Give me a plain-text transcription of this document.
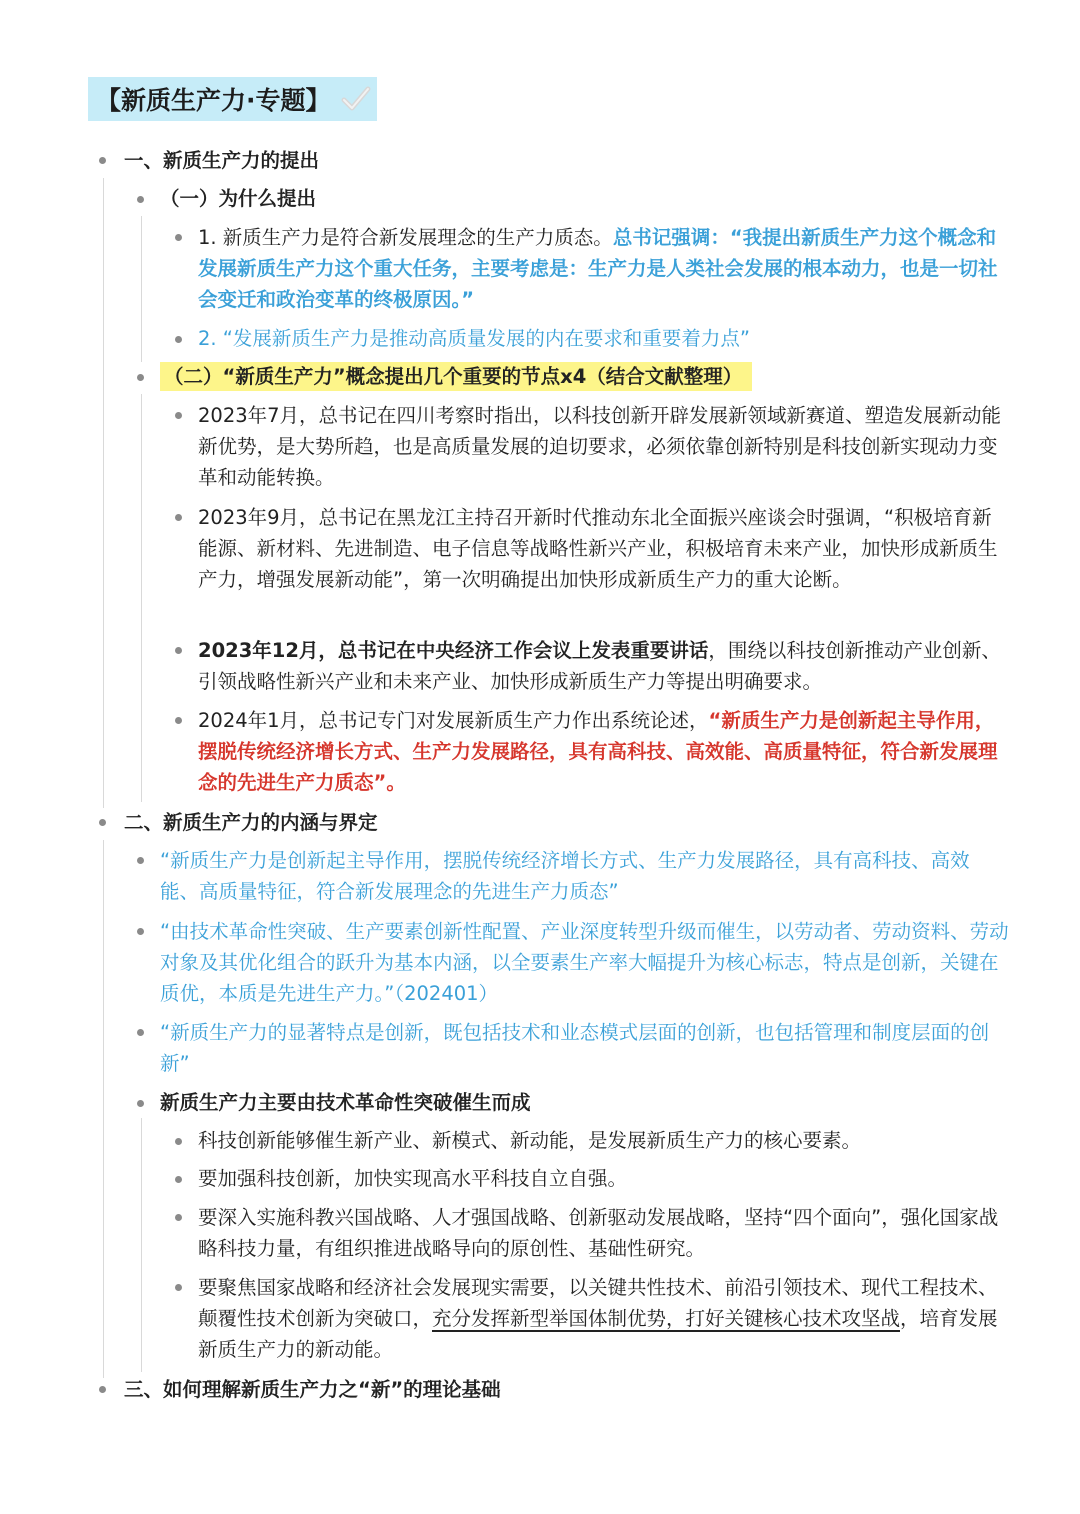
【新质生产力·专题】
一、新质生产力的提出
（一）为什么提出
1. 新质生产力是符合新发展理念的生产力质态。总书记强调：“我提出新质生产力这个概念和发展新质生产力这个重大任务，主要考虑是：生产力是人类社会发展的根本动力，也是一切社会变迁和政治变革的终极原因。”
2. “发展新质生产力是推动高质量发展的内在要求和重要着力点”
（二）“新质生产力”概念提出几个重要的节点x4（结合文献整理）
2023年7月，总书记在四川考察时指出，以科技创新开辟发展新领域新赛道、塑造发展新动能新优势，是大势所趋，也是高质量发展的迫切要求，必须依靠创新特别是科技创新实现动力变革和动能转换。
2023年9月，总书记在黑龙江主持召开新时代推动东北全面振兴座谈会时强调，“积极培育新能源、新材料、先进制造、电子信息等战略性新兴产业，积极培育未来产业，加快形成新质生产力，增强发展新动能”，第一次明确提出加快形成新质生产力的重大论断。
2023年12月，总书记在中央经济工作会议上发表重要讲话，围绕以科技创新推动产业创新、引领战略性新兴产业和未来产业、加快形成新质生产力等提出明确要求。
2024年1月，总书记专门对发展新质生产力作出系统论述，“新质生产力是创新起主导作用，摆脱传统经济增长方式、生产力发展路径，具有高科技、高效能、高质量特征，符合新发展理念的先进生产力质态”。
二、新质生产力的内涵与界定
“新质生产力是创新起主导作用，摆脱传统经济增长方式、生产力发展路径，具有高科技、高效能、高质量特征，符合新发展理念的先进生产力质态”
“由技术革命性突破、生产要素创新性配置、产业深度转型升级而催生，以劳动者、劳动资料、劳动对象及其优化组合的跃升为基本内涵，以全要素生产率大幅提升为核心标志，特点是创新，关键在质优，本质是先进生产力。”（202401）
“新质生产力的显著特点是创新，既包括技术和业态模式层面的创新，也包括管理和制度层面的创新”
新质生产力主要由技术革命性突破催生而成
科技创新能够催生新产业、新模式、新动能，是发展新质生产力的核心要素。
要加强科技创新，加快实现高水平科技自立自强。
要深入实施科教兴国战略、人才强国战略、创新驱动发展战略，坚持“四个面向”，强化国家战略科技力量，有组织推进战略导向的原创性、基础性研究。
要聚焦国家战略和经济社会发展现实需要，以关键共性技术、前沿引领技术、现代工程技术、颠覆性技术创新为突破口，充分发挥新型举国体制优势，打好关键核心技术攻坚战，培育发展新质生产力的新动能。
三、如何理解新质生产力之“新”的理论基础
